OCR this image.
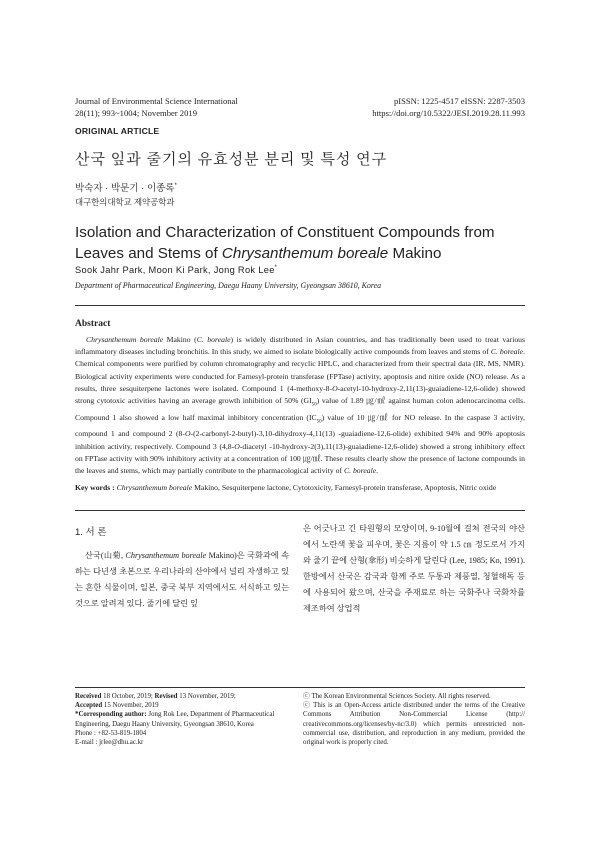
Journal of Environmental Science International
28(11); 993~1004; November 2019
pISSN: 1225-4517 eISSN: 2287-3503
https://doi.org/10.5322/JESI.2019.28.11.993
ORIGINAL ARTICLE
산국 잎과 줄기의 유효성분 분리 및 특성 연구
박숙자 · 박문기 · 이종록*
대구한의대학교 제약공학과
Isolation and Characterization of Constituent Compounds from
Leaves and Stems of Chrysanthemum boreale Makino
Sook Jahr Park, Moon Ki Park, Jong Rok Lee*
Department of Pharmaceutical Engineering, Daegu Haany University, Gyeongsan 38610, Korea
Abstract

Chrysanthemum boreale Makino (C. boreale) is widely distributed in Asian countries, and has traditionally been used to treat various inflammatory diseases including bronchitis. In this study, we aimed to isolate biologically active compounds from leaves and stems of C. boreale. Chemical components were purified by column chromatography and recyclic HPLC, and characterized from their spectral data (IR, MS, NMR). Biological activity experiments were conducted for Farnesyl-protein transferase (FPTase) activity, apoptosis and nitire oxide (NO) release. As a results, three sesquiterpene lactones were isolated. Compound 1 (4-methoxy-8-O-acetyl-10-hydroxy-2,11(13)-guaiadiene-12,6-olide) showed strong cytotoxic activities having an average growth inhibition of 50% $(GI_{50})$ value of 1.89 ㎍/㎖ against human colon adenocarcinoma cells. Compound 1 also showed a low half maximal inhibitory concentration $(IC_{50})$ value of 10 ㎍/㎖ for NO release. In the caspase 3 activity, compound 1 and compound 2 (8-O-(2-carbonyl-2-butyl)-3,10-dihydroxy-4,11(13) -guaiadiene-12,6-olide) exhibited 94% and 90% apoptosis inhibition activity, respectively. Compound 3 (4,8-O-diacetyl -10-hydroxy-2(3),11(13)-guaiadiene-12,6-olide) showed a strong inhibitory effect on FPTase activity with 90% inhibitory activity at a concentration of 100 ㎍/㎖. These results clearly show the presence of lactone compounds in the leaves and stems, which may partially contribute to the pharmacological activity of C. boreale.

Key words : Chrysanthemum boreale Makino, Sesquiterpene lactone, Cytotoxicity, Farnesyl-protein transferase, Apoptosis, Nitric oxide
1. 서 론
산국(山菊, Chrysanthemum boreale Makino)은 국화과에 속하는 다년생 초본으로 우리나라의 산야에서 널리 자생하고 있는 흔한 식물이며, 일본, 중국 북부 지역에서도 서식하고 있는 것으로 알려져 있다. 줄기에 달린 잎
은 어긋나고 긴 타원형의 모양이며, 9-10월에 걸쳐 전국의 야산에서 노란색 꽃을 피우며, 꽃은 지름이 약 1.5 ㎝ 정도로서 가지와 줄기 끝에 산형(傘形) 비슷하게 달린다 (Lee, 1985; Ko, 1991). 한방에서 산국은 감국과 함께 주로 두통과 제풍열, 청혈해독 등에 사용되어 왔으며, 산국을 주재료로 하는 국화주나 국화차를 제조하여 상업적
Received 18 October, 2019; Revised 13 November, 2019;
Accepted 15 November, 2019
*Corresponding author: Jong Rok Lee, Department of Pharmaceutical Engineering, Daegu Haany University, Gyeongsan 38610, Korea
Phone : +82-53-819-1804
E-mail : jrlee@dhu.ac.kr
ⓒ The Korean Environmental Sciences Society. All rights reserved.
ⓒ This is an Open-Access article distributed under the terms of the Creative Commons Attribution Non-Commercial License (http:// creativecommons.org/licenses/by-nc/3.0) which permits unrestricted non-commercial use, distribution, and reproduction in any medium, provided the original work is properly cited.
